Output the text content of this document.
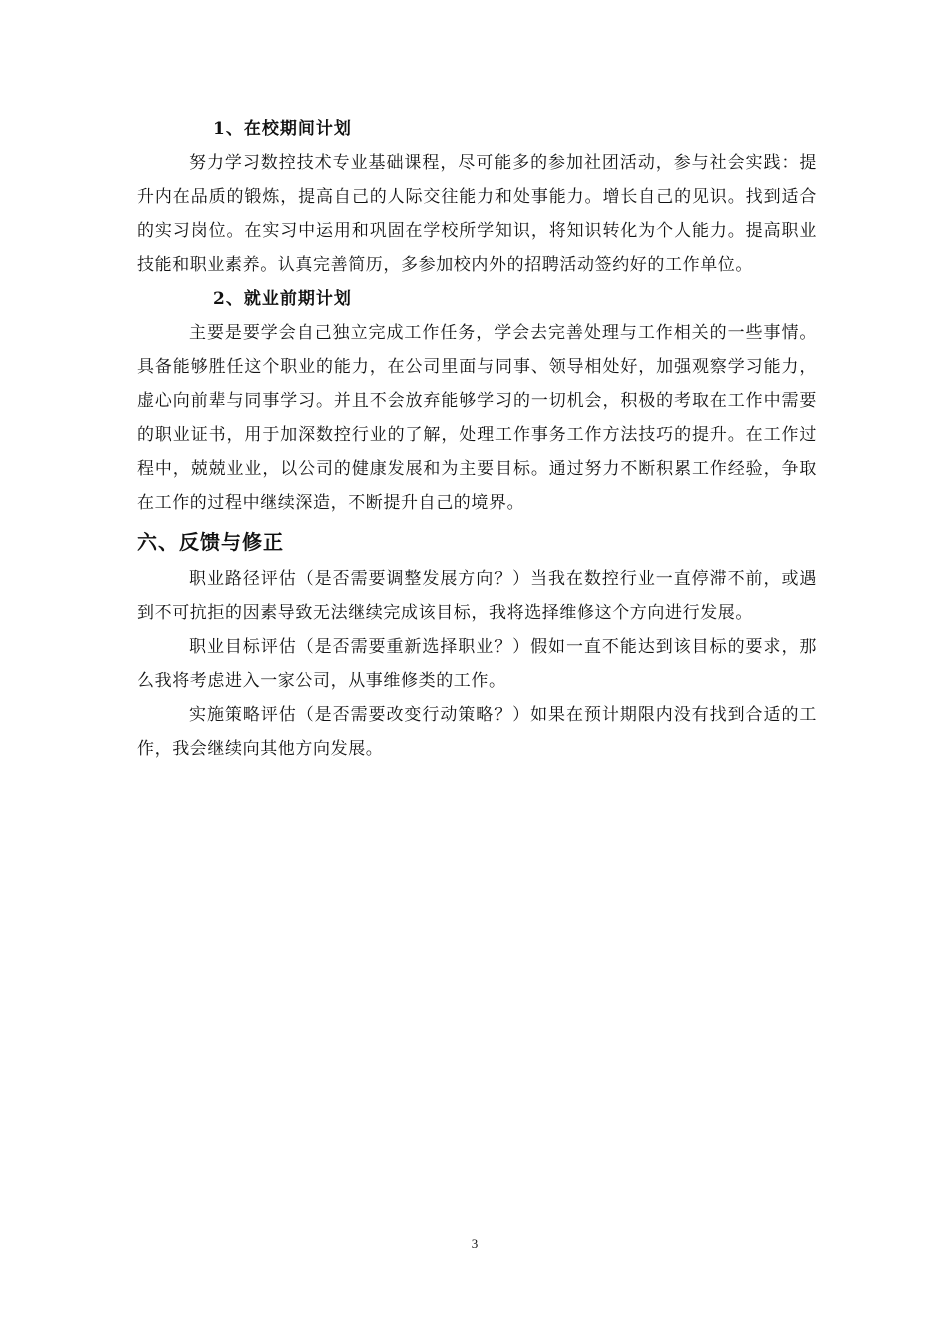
1、在校期间计划

努力学习数控技术专业基础课程，尽可能多的参加社团活动，参与社会实践：提升内在品质的锻炼，提高自己的人际交往能力和处事能力。增长自己的见识。找到适合的实习岗位。在实习中运用和巩固在学校所学知识，将知识转化为个人能力。提高职业技能和职业素养。认真完善简历，多参加校内外的招聘活动签约好的工作单位。

2、就业前期计划

主要是要学会自己独立完成工作任务，学会去完善处理与工作相关的一些事情。具备能够胜任这个职业的能力，在公司里面与同事、领导相处好，加强观察学习能力，虚心向前辈与同事学习。并且不会放弃能够学习的一切机会，积极的考取在工作中需要的职业证书，用于加深数控行业的了解，处理工作事务工作方法技巧的提升。在工作过程中，兢兢业业，以公司的健康发展和为主要目标。通过努力不断积累工作经验，争取在工作的过程中继续深造，不断提升自己的境界。

六、反馈与修正

职业路径评估（是否需要调整发展方向？）当我在数控行业一直停滞不前，或遇到不可抗拒的因素导致无法继续完成该目标，我将选择维修这个方向进行发展。

职业目标评估（是否需要重新选择职业？）假如一直不能达到该目标的要求，那么我将考虑进入一家公司，从事维修类的工作。

实施策略评估（是否需要改变行动策略？）如果在预计期限内没有找到合适的工作，我会继续向其他方向发展。

3
